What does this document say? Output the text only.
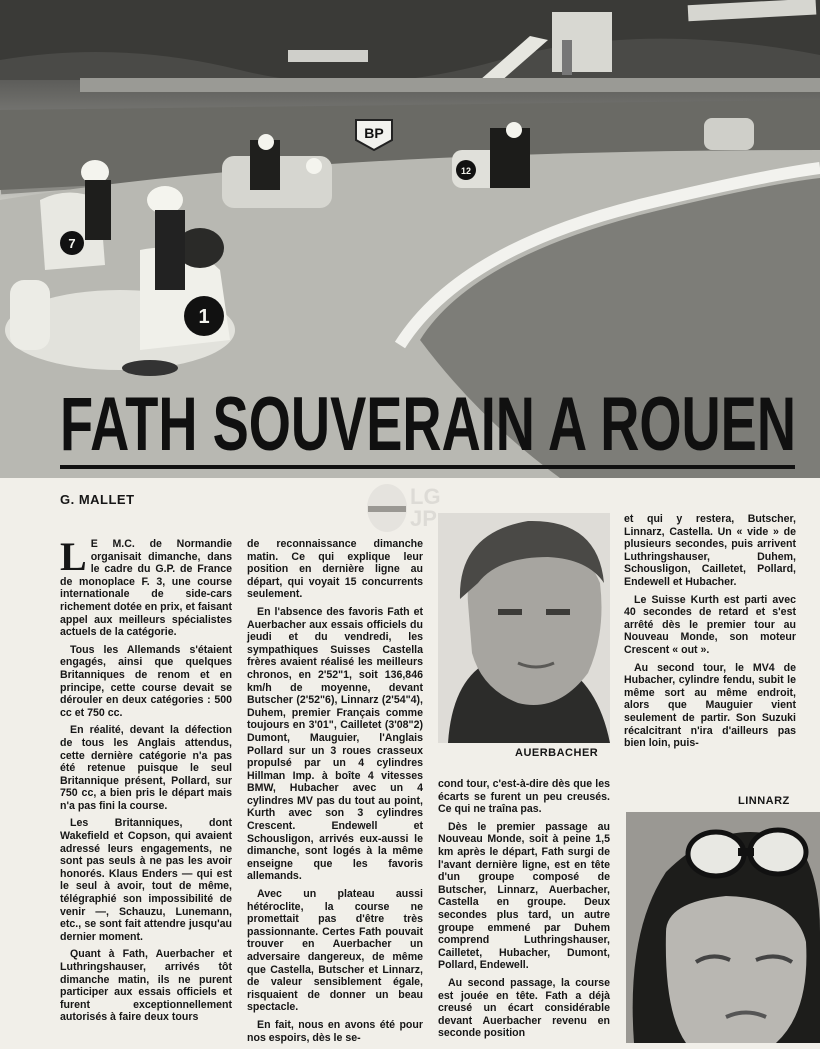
BP
1
7
12
FATH SOUVERAIN A ROUEN
G. MALLET

L E M.C. de Normandie organisait dimanche, dans le cadre du G.P. de France de monoplace F. 3, une course internationale de side-cars richement dotée en prix, et faisant appel aux meilleurs spécialistes actuels de la catégorie.

Tous les Allemands s'étaient engagés, ainsi que quelques Britanniques de renom et en principe, cette course devait se dérouler en deux catégories : 500 cc et 750 cc.

En réalité, devant la défection de tous les Anglais attendus, cette dernière catégorie n'a pas été retenue puisque le seul Britannique présent, Pollard, sur 750 cc, a bien pris le départ mais n'a pas fini la course.

Les Britanniques, dont Wakefield et Copson, qui avaient adressé leurs engagements, ne sont pas seuls à ne pas les avoir honorés. Klaus Enders — qui est le seul à avoir, tout de même, télégraphié son impossibilité de venir —, Schauzu, Lunemann, etc., se sont fait attendre jusqu'au dernier moment.

Quant à Fath, Auerbacher et Luthringshauser, arrivés tôt dimanche matin, ils ne purent participer aux essais officiels et furent exceptionnellement autorisés à faire deux tours

de reconnaissance dimanche matin. Ce qui explique leur position en dernière ligne au départ, qui voyait 15 concurrents seulement.

En l'absence des favoris Fath et Auerbacher aux essais officiels du jeudi et du vendredi, les sympathiques Suisses Castella frères avaient réalisé les meilleurs chronos, en 2'52"1, soit 136,846 km/h de moyenne, devant Butscher (2'52"6), Linnarz (2'54"4), Duhem, premier Français comme toujours en 3'01", Cailletet (3'08"2) Dumont, Mauguier, l'Anglais Pollard sur un 3 roues crasseux propulsé par un 4 cylindres Hillman Imp. à boîte 4 vitesses BMW, Hubacher avec un 4 cylindres MV pas du tout au point, Kurth avec son 3 cylindres Crescent. Endewell et Schousligon, arrivés eux-aussi le dimanche, sont logés à la même enseigne que les favoris allemands.

Avec un plateau aussi hétéroclite, la course ne promettait pas d'être très passionnante. Certes Fath pouvait trouver en Auerbacher un adversaire dangereux, de même que Castella, Butscher et Linnarz, de valeur sensiblement égale, risquaient de donner un beau spectacle.

En fait, nous en avons été pour nos espoirs, dès le se-

LG JP
AUERBACHER

cond tour, c'est-à-dire dès que les écarts se furent un peu creusés. Ce qui ne traîna pas.

Dès le premier passage au Nouveau Monde, soit à peine 1,5 km après le départ, Fath surgi de l'avant dernière ligne, est en tête d'un groupe composé de Butscher, Linnarz, Auerbacher, Castella en groupe. Deux secondes plus tard, un autre groupe emmené par Duhem comprend Luthringshauser, Cailletet, Hubacher, Dumont, Pollard, Endewell.

Au second passage, la course est jouée en tête. Fath a déjà creusé un écart considérable devant Auerbacher revenu en seconde position

et qui y restera, Butscher, Linnarz, Castella. Un « vide » de plusieurs secondes, puis arrivent Luthringshauser, Duhem, Schousligon, Cailletet, Pollard, Endewell et Hubacher.

Le Suisse Kurth est parti avec 40 secondes de retard et s'est arrêté dès le premier tour au Nouveau Monde, son moteur Crescent « out ».

Au second tour, le MV4 de Hubacher, cylindre fendu, subit le même sort au même endroit, alors que Mauguier vient seulement de partir. Son Suzuki récalcitrant n'ira d'ailleurs pas bien loin, puis-

LINNARZ
